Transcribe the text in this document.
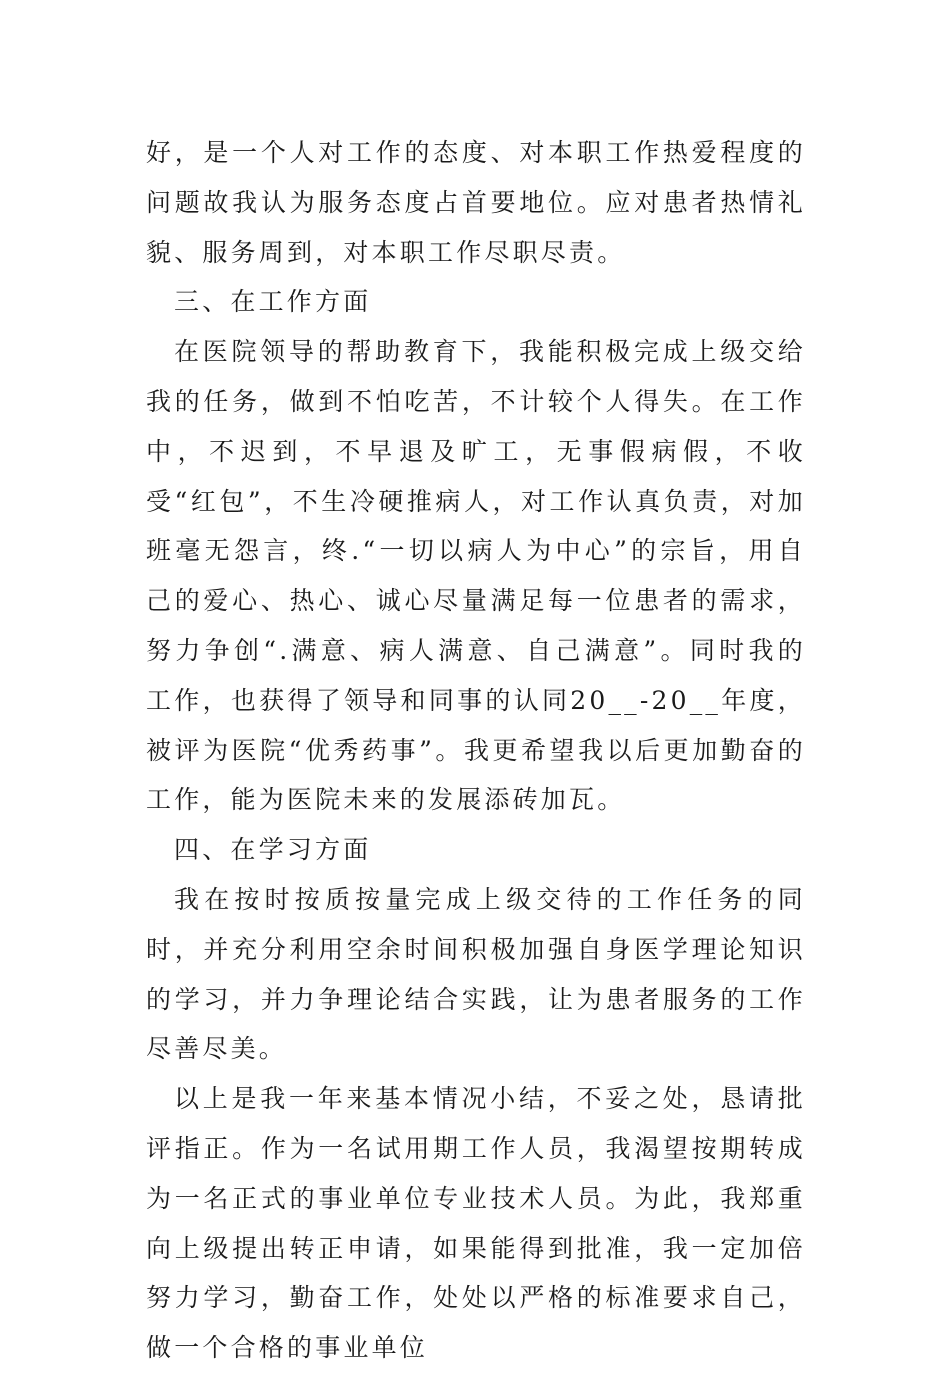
好，是一个人对工作的态度、对本职工作热爱程度的问题故我认为服务态度占首要地位。应对患者热情礼貌、服务周到，对本职工作尽职尽责。

三、在工作方面

在医院领导的帮助教育下，我能积极完成上级交给我的任务，做到不怕吃苦，不计较个人得失。在工作中，不迟到，不早退及旷工，无事假病假，不收受“红包”，不生冷硬推病人，对工作认真负责，对加班毫无怨言，终.“一切以病人为中心”的宗旨，用自己的爱心、热心、诚心尽量满足每一位患者的需求，努力争创“.满意、病人满意、自己满意”。同时我的工作，也获得了领导和同事的认同20__-20__年度，被评为医院“优秀药事”。我更希望我以后更加勤奋的工作，能为医院未来的发展添砖加瓦。

四、在学习方面

我在按时按质按量完成上级交待的工作任务的同时，并充分利用空余时间积极加强自身医学理论知识的学习，并力争理论结合实践，让为患者服务的工作尽善尽美。

以上是我一年来基本情况小结，不妥之处，恳请批评指正。作为一名试用期工作人员，我渴望按期转成为一名正式的事业单位专业技术人员。为此，我郑重向上级提出转正申请，如果能得到批准，我一定加倍努力学习，勤奋工作，处处以严格的标准要求自己，做一个合格的事业单位
